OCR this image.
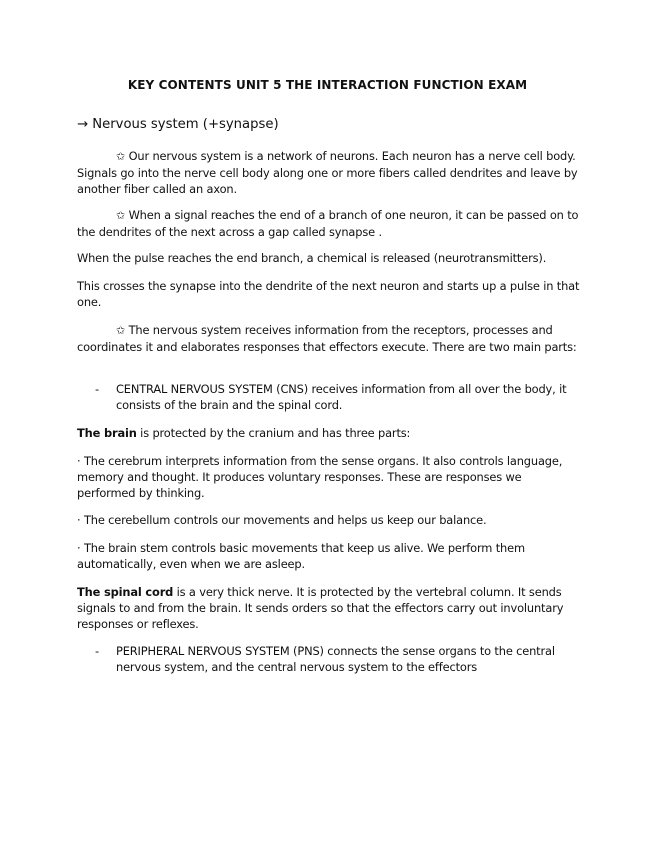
KEY CONTENTS UNIT 5 THE INTERACTION FUNCTION EXAM
→ Nervous system (+synapse)
✩ Our nervous system is a network of neurons. Each neuron has a nerve cell body. Signals go into the nerve cell body along one or more fibers called dendrites and leave by another fiber called an axon.
✩ When a signal reaches the end of a branch of one neuron, it can be passed on to the dendrites of the next across a gap called synapse .
When the pulse reaches the end branch, a chemical is released (neurotransmitters).
This crosses the synapse into the dendrite of the next neuron and starts up a pulse in that one.
✩ The nervous system receives information from the receptors, processes and coordinates it and elaborates responses that effectors execute. There are two main parts:
- CENTRAL NERVOUS SYSTEM (CNS) receives information from all over the body, it consists of the brain and the spinal cord.
The brain is protected by the cranium and has three parts:
· The cerebrum interprets information from the sense organs. It also controls language, memory and thought. It produces voluntary responses. These are responses we performed by thinking.
· The cerebellum controls our movements and helps us keep our balance.
· The brain stem controls basic movements that keep us alive. We perform them automatically, even when we are asleep.
The spinal cord is a very thick nerve. It is protected by the vertebral column. It sends signals to and from the brain. It sends orders so that the effectors carry out involuntary responses or reflexes.
- PERIPHERAL NERVOUS SYSTEM (PNS) connects the sense organs to the central nervous system, and the central nervous system to the effectors
